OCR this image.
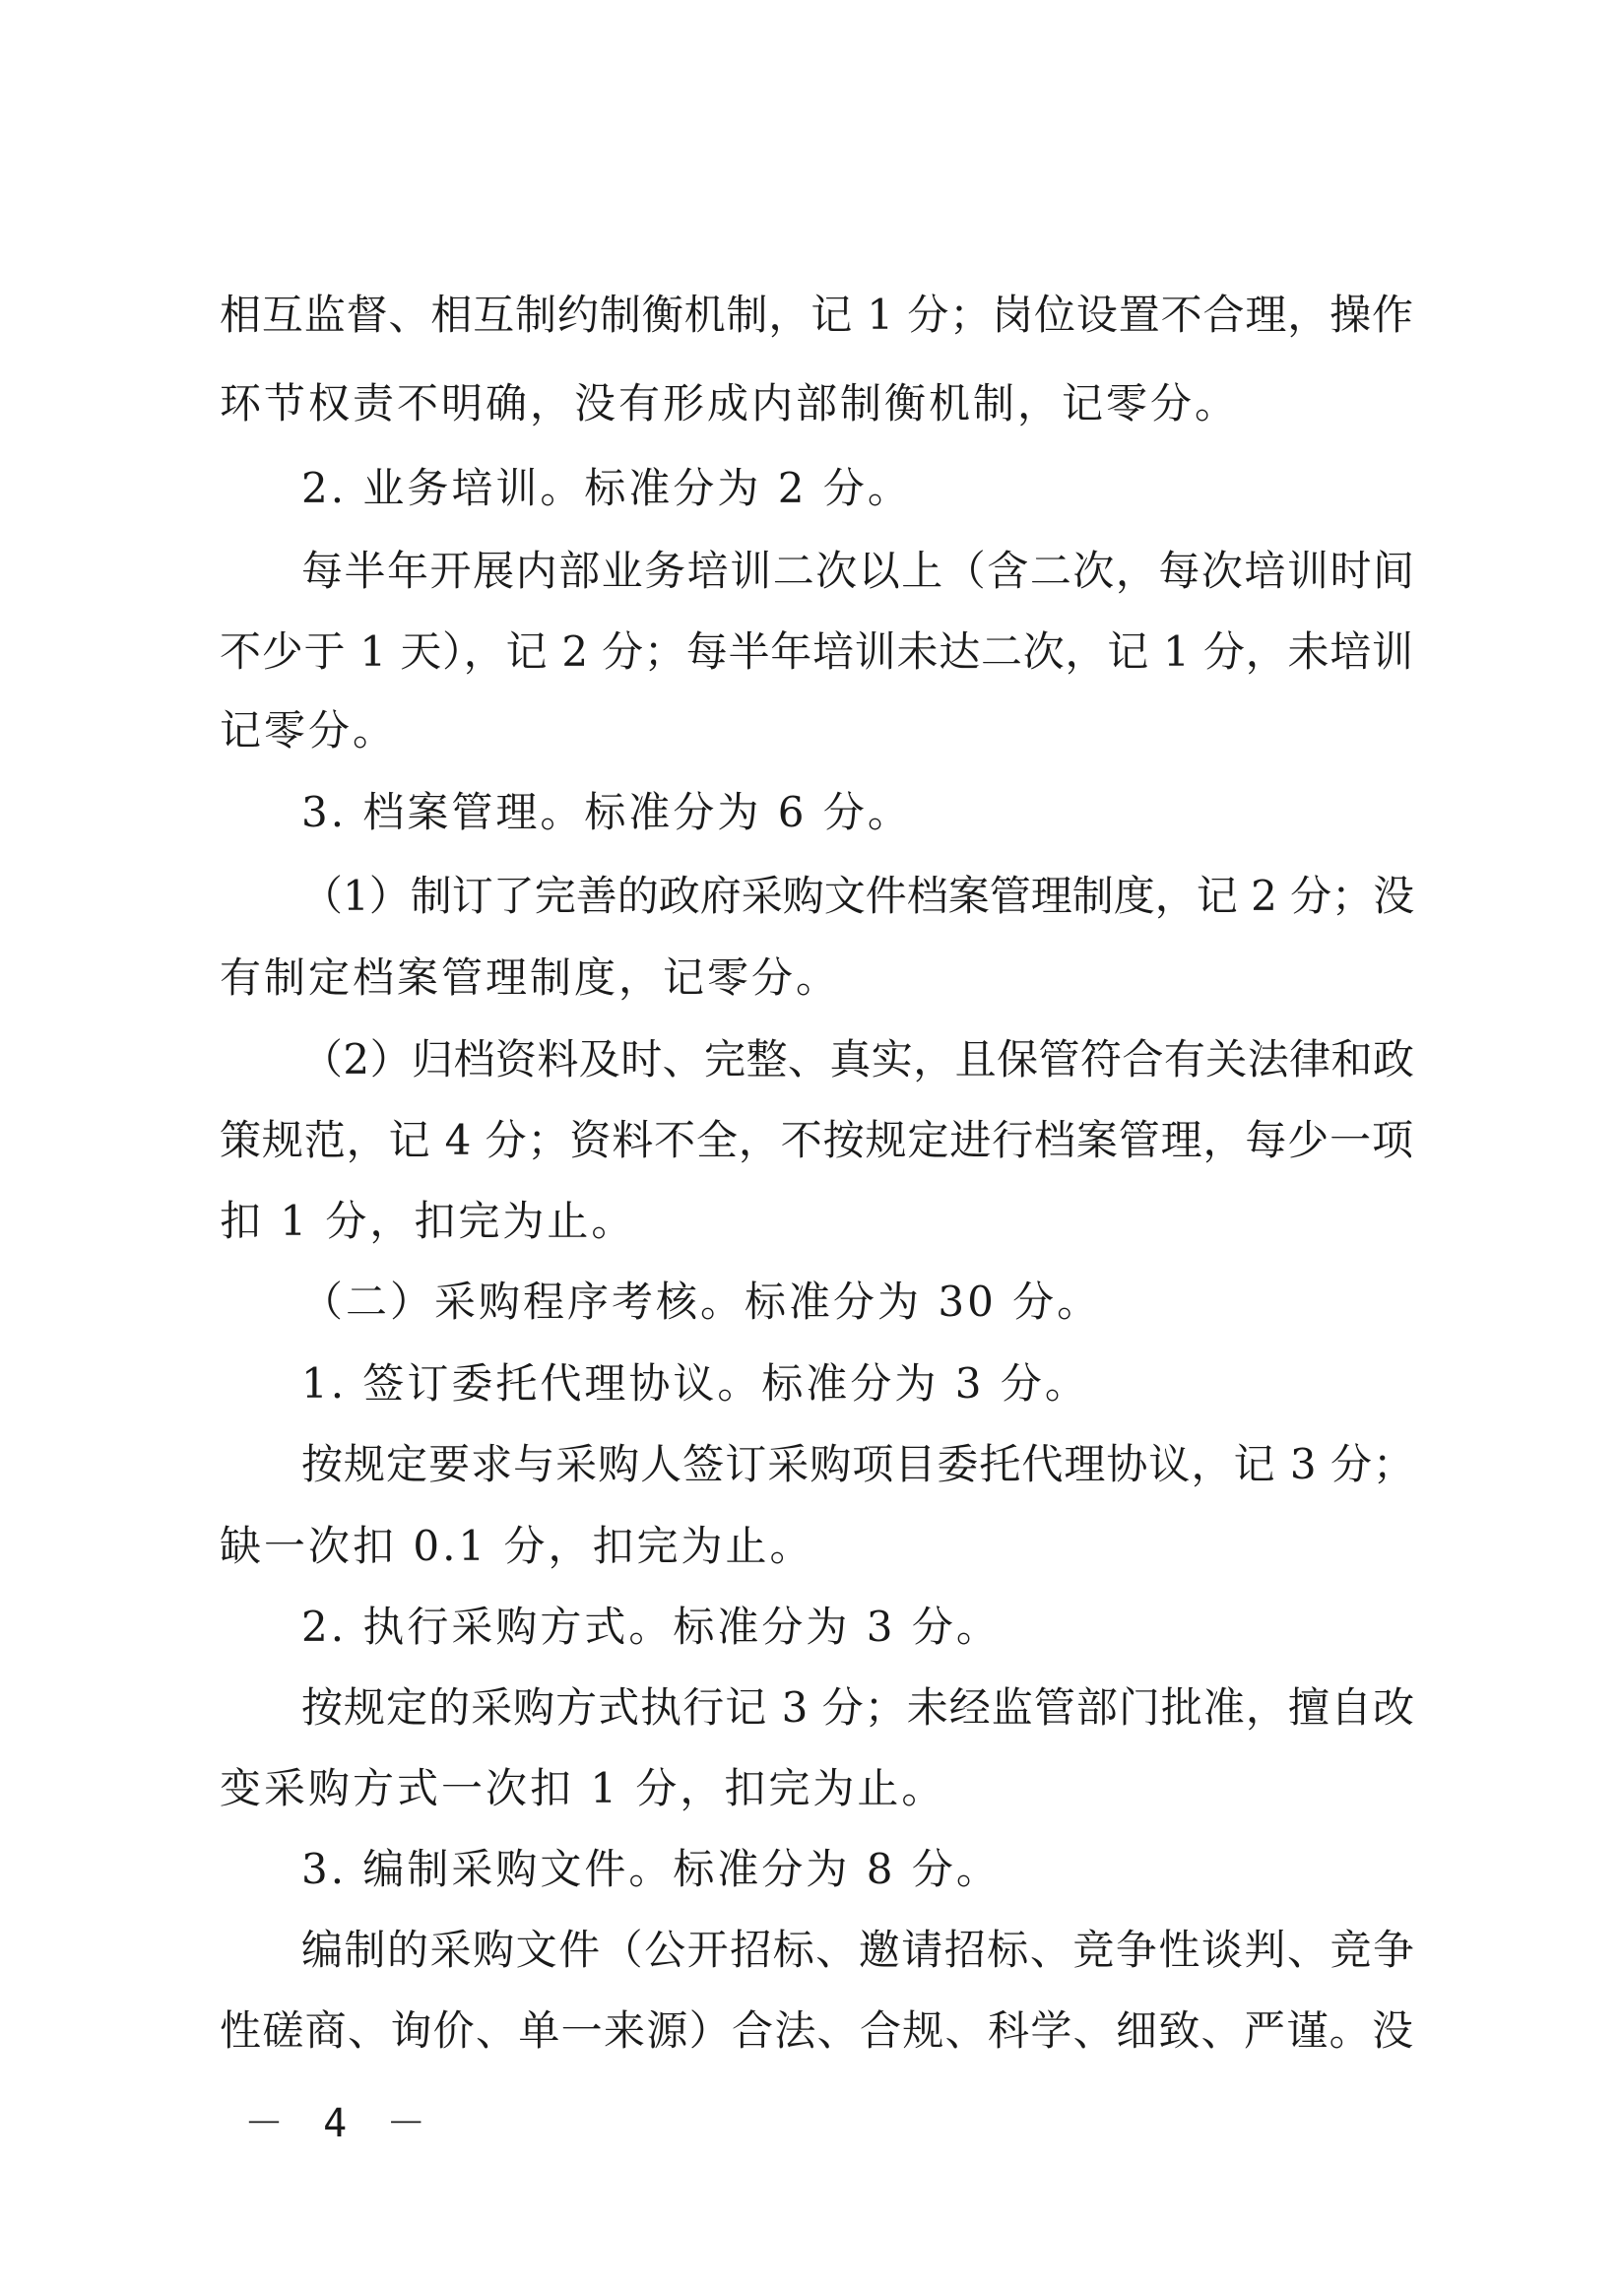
相互监督、相互制约制衡机制，记 1 分；岗位设置不合理，操作
环节权责不明确，没有形成内部制衡机制，记零分。
2. 业务培训。标准分为 2 分。
每半年开展内部业务培训二次以上（含二次，每次培训时间
不少于 1 天），记 2 分；每半年培训未达二次，记 1 分，未培训
记零分。
3. 档案管理。标准分为 6 分。
（1）制订了完善的政府采购文件档案管理制度，记 2 分；没
有制定档案管理制度，记零分。
（2）归档资料及时、完整、真实，且保管符合有关法律和政
策规范，记 4 分；资料不全，不按规定进行档案管理，每少一项
扣 1 分，扣完为止。
（二）采购程序考核。标准分为 30 分。
1. 签订委托代理协议。标准分为 3 分。
按规定要求与采购人签订采购项目委托代理协议，记 3 分；
缺一次扣 0.1 分，扣完为止。
2. 执行采购方式。标准分为 3 分。
按规定的采购方式执行记 3 分；未经监管部门批准，擅自改
变采购方式一次扣 1 分，扣完为止。
3. 编制采购文件。标准分为 8 分。
编制的采购文件（公开招标、邀请招标、竞争性谈判、竞争
性磋商、询价、单一来源）合法、合规、科学、细致、严谨。没
－ 4 －
